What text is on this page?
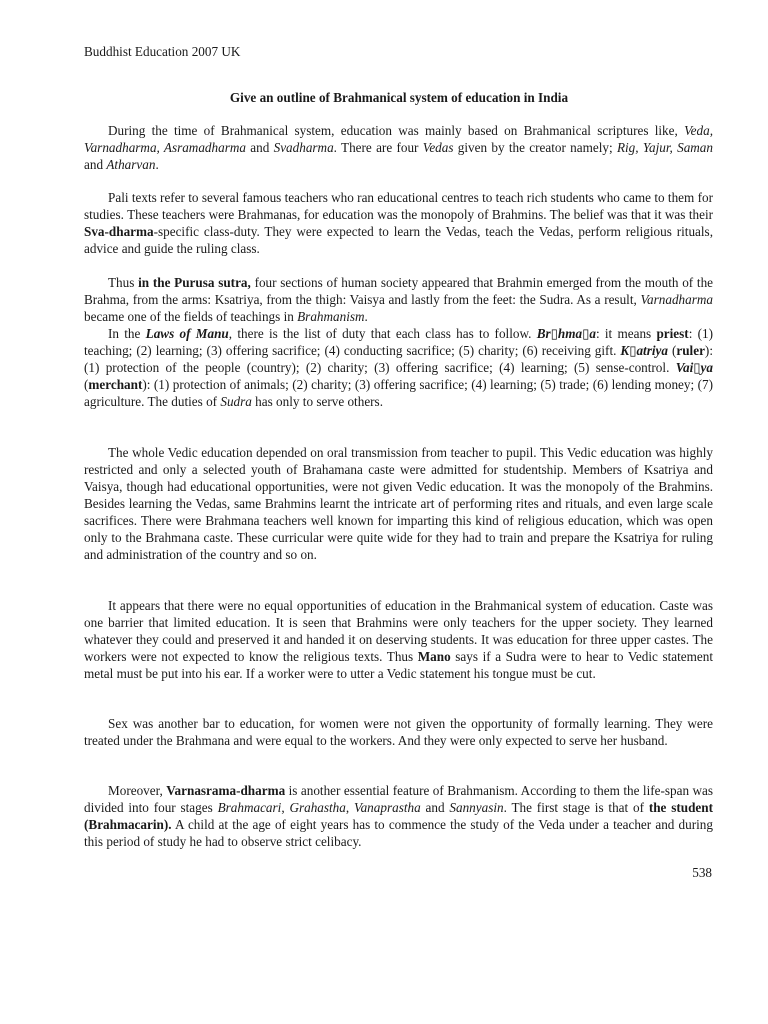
Buddhist Education 2007 UK
Give an outline of Brahmanical system of education in India

During the time of Brahmanical system, education was mainly based on Brahmanical scriptures like, Veda, Varnadharma, Asramadharma and Svadharma. There are four Vedas given by the creator namely; Rig, Yajur, Saman and Atharvan.

Pali texts refer to several famous teachers who ran educational centres to teach rich students who came to them for studies. These teachers were Brahmanas, for education was the monopoly of Brahmins. The belief was that it was their Sva-dharma-specific class-duty. They were expected to learn the Vedas, teach the Vedas, perform religious rituals, advice and guide the ruling class.

Thus in the Purusa sutra, four sections of human society appeared that Brahmin emerged from the mouth of the Brahma, from the arms: Ksatriya, from the thigh: Vaisya and lastly from the feet: the Sudra. As a result, Varnadharma became one of the fields of teachings in Brahmanism.

In the Laws of Manu, there is the list of duty that each class has to follow. Br▯hma▯a: it means priest: (1) teaching; (2) learning; (3) offering sacrifice; (4) conducting sacrifice; (5) charity; (6) receiving gift. K▯atriya (ruler): (1) protection of the people (country); (2) charity; (3) offering sacrifice; (4) learning; (5) sense-control. Vai▯ya (merchant): (1) protection of animals; (2) charity; (3) offering sacrifice; (4) learning; (5) trade; (6) lending money; (7) agriculture. The duties of Sudra has only to serve others.

The whole Vedic education depended on oral transmission from teacher to pupil. This Vedic education was highly restricted and only a selected youth of Brahamana caste were admitted for studentship. Members of Ksatriya and Vaisya, though had educational opportunities, were not given Vedic education. It was the monopoly of the Brahmins. Besides learning the Vedas, same Brahmins learnt the intricate art of performing rites and rituals, and even large scale sacrifices. There were Brahmana teachers well known for imparting this kind of religious education, which was open only to the Brahmana caste. These curricular were quite wide for they had to train and prepare the Ksatriya for ruling and administration of the country and so on.

It appears that there were no equal opportunities of education in the Brahmanical system of education. Caste was one barrier that limited education. It is seen that Brahmins were only teachers for the upper society. They learned whatever they could and preserved it and handed it on deserving students. It was education for three upper castes. The workers were not expected to know the religious texts. Thus Mano says if a Sudra were to hear to Vedic statement metal must be put into his ear. If a worker were to utter a Vedic statement his tongue must be cut.

Sex was another bar to education, for women were not given the opportunity of formally learning. They were treated under the Brahmana and were equal to the workers. And they were only expected to serve her husband.

Moreover, Varnasrama-dharma is another essential feature of Brahmanism. According to them the life-span was divided into four stages Brahmacari, Grahastha, Vanaprastha and Sannyasin. The first stage is that of the student (Brahmacarin). A child at the age of eight years has to commence the study of the Veda under a teacher and during this period of study he had to observe strict celibacy.

538
